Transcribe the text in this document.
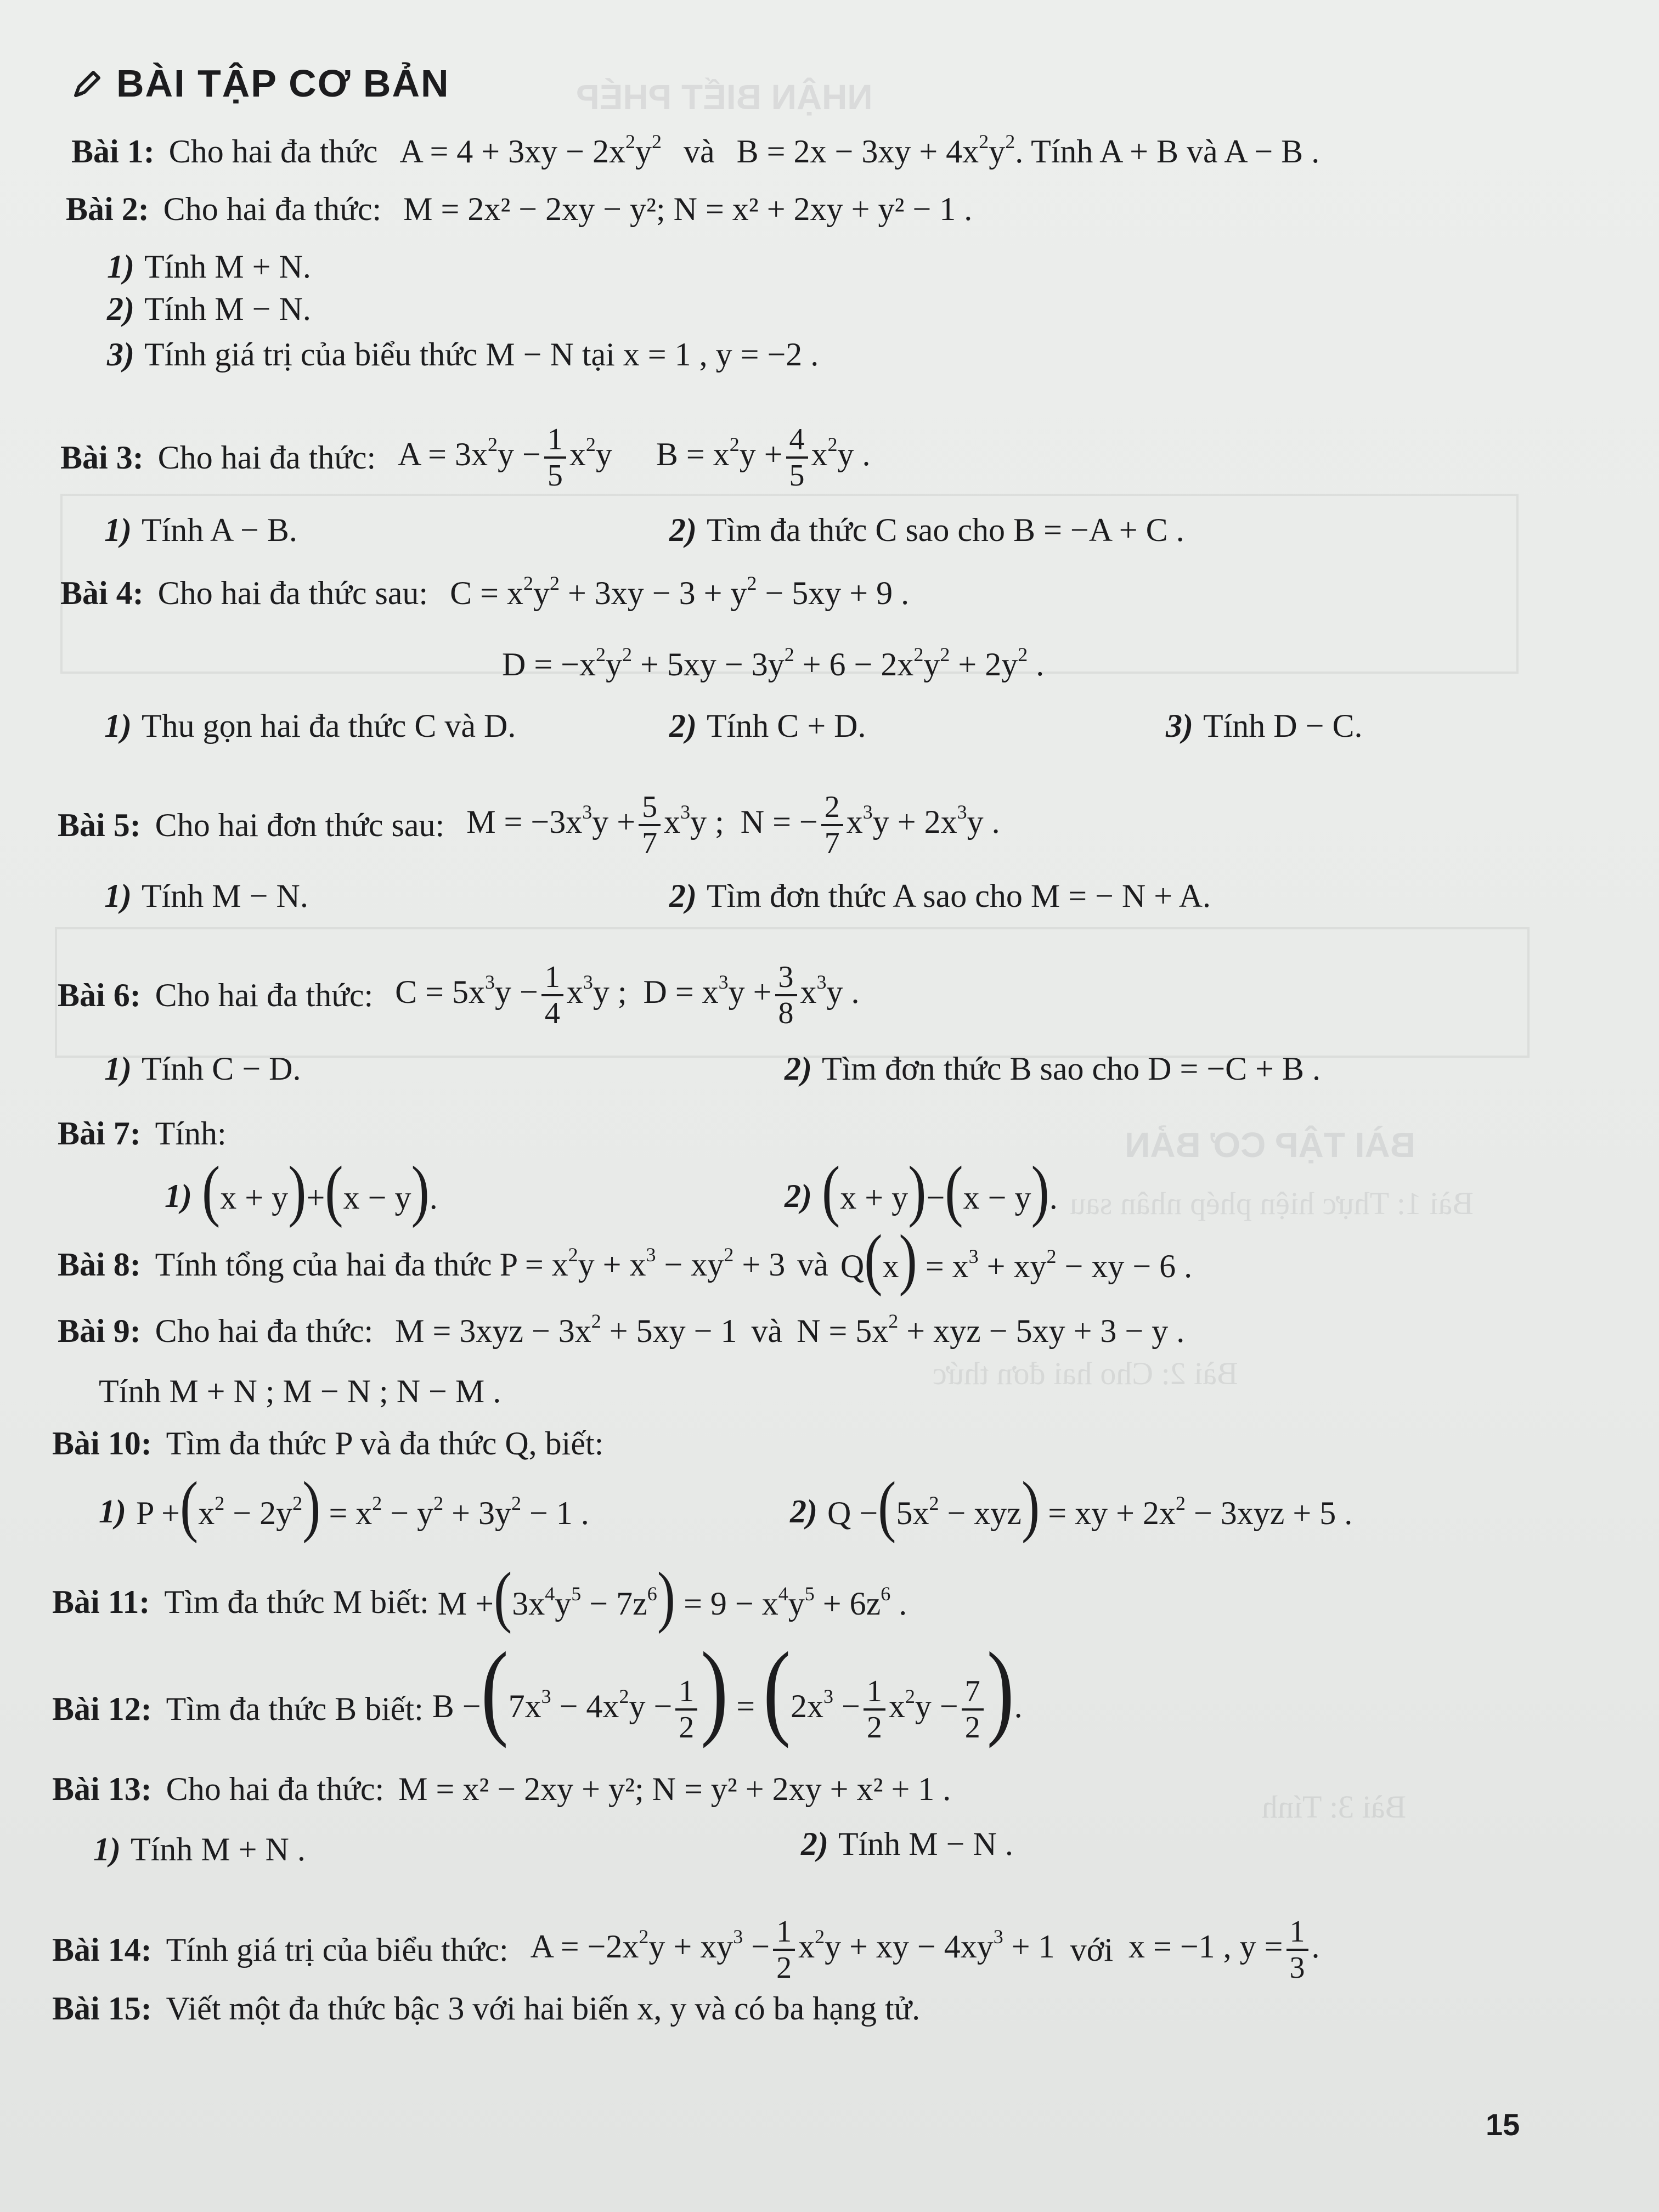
NHẬN BIẾT PHÉP
BÀI TẬP CƠ BẢN
Bài 1: Thực hiện phép nhân sau
Bài 2: Cho hai đơn thức
Bài 3: Tính
BÀI TẬP CƠ BẢN
Bài 1: Cho hai đa thức $A = 4 + 3xy - 2x^2y^2$ và $B = 2x - 3xy + 4x^2y^2$ . Tính A + B và A − B .
Bài 2: Cho hai đa thức: M = 2x² − 2xy − y²; N = x² + 2xy + y² − 1 .
1) Tính M + N.
2) Tính M − N.
3) Tính giá trị của biểu thức M − N tại x = 1 , y = −2 .
Bài 3: Cho hai đa thức: $A = 3x^2y - \frac{1}{5} x^2y$ $B = x^2y + \frac{4}{5} x^2y$ .
1) Tính A − B.	2) Tìm đa thức C sao cho B = −A + C .
Bài 4: Cho hai đa thức sau: $C = x^2y^2 + 3xy - 3 + y^2 - 5xy + 9$ .
$D = -x^2y^2 + 5xy - 3y^2 + 6 - 2x^2y^2 + 2y^2$ .
1) Thu gọn hai đa thức C và D.	2) Tính C + D.	3) Tính D − C.
Bài 5: Cho hai đơn thức sau: $M = -3x^3y + \frac{5}{7} x^3y$ ;  N = − $\frac{2}{7} x^3y + 2x^3y$ .
1) Tính M − N.	2) Tìm đơn thức A sao cho M = − N + A.
Bài 6: Cho hai đa thức: $C = 5x^3y - \frac{1}{4} x^3y$ ;  $D = x^3y + \frac{3}{8} x^3y$ .
1) Tính C − D.	2) Tìm đơn thức B sao cho D = −C + B .
Bài 7: Tính:
1) (x + y)+(x − y).	2) (x + y)−(x − y).
Bài 8: Tính tổng của hai đa thức $P = x^2y + x^3 - xy^2 + 3$ và $Q(x) = x^3 + xy^2$ − xy − 6 .
Bài 9: Cho hai đa thức: $M = 3xyz - 3x^2 + 5xy - 1$ và $N = 5x^2$ + xyz − 5xy + 3 − y .
Tính M + N ; M − N ; N − M .
Bài 10: Tìm đa thức P và đa thức Q, biết:
1) $P +(x^2 - 2y^2) = x^2 - y^2 + 3y^2 - 1$ .	2) $Q -(5x^2 - xyz)$ = xy + $2x^2 - 3xyz + 5$ .
Bài 11: Tìm đa thức M biết: $M +(3x^4y^5 - 7z^6) = 9 - x^4y^5 + 6z^6$ .
Bài 12: Tìm đa thức B biết: $B -(7x^3 - 4x^2y - \frac{1}{2}$ ) = ($2x^3 - \frac{1}{2} x^2y - \frac{7}{2}$ ).
Bài 13: Cho hai đa thức: M = x² − 2xy + y²; N = y² + 2xy + x² + 1 .
1) Tính M + N .	2) Tính M − N .
Bài 14: Tính giá trị của biểu thức: $A = -2x^2y + xy^3 - \frac{1}{2} x^2y$ + xy − $4xy^3 + 1$ với x = −1 , $y = \frac{1}{3}$ .
Bài 15: Viết một đa thức bậc 3 với hai biến x, y và có ba hạng tử.
15
